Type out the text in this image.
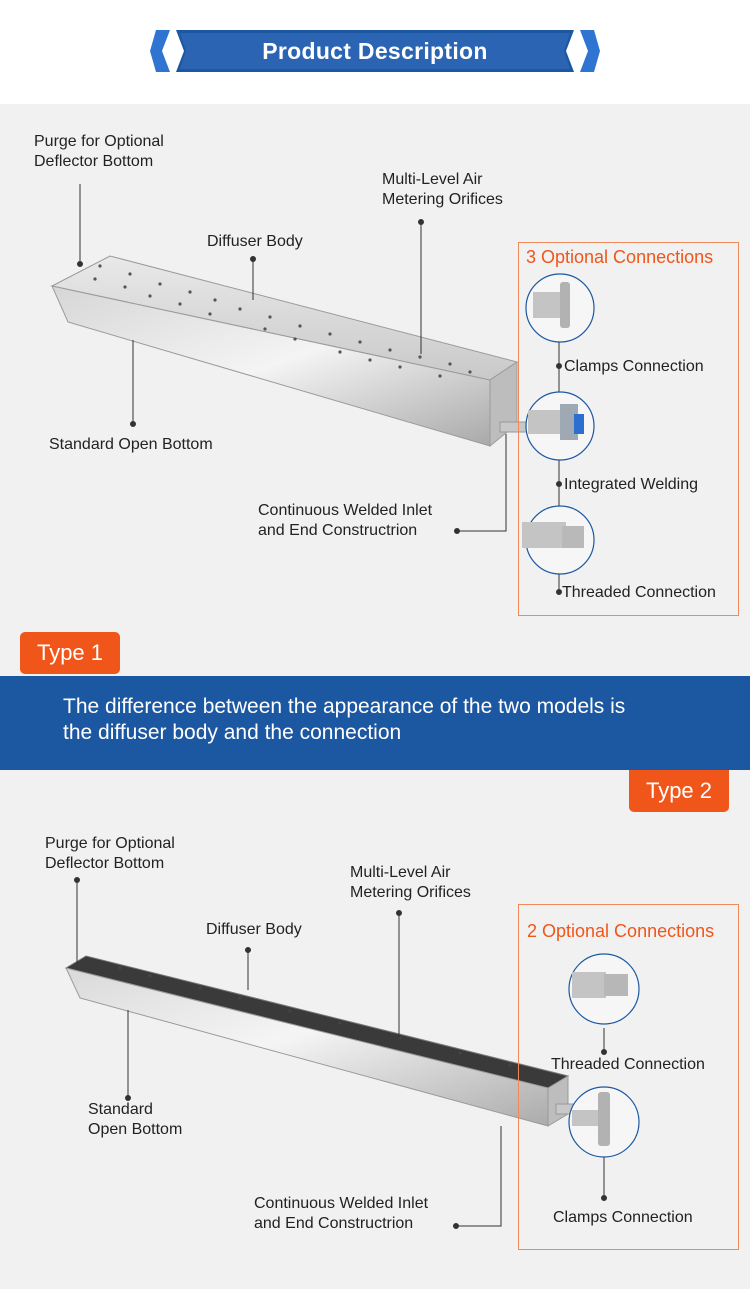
Product Description
Purge for Optional
Deflector Bottom
Multi-Level Air
Metering Orifices
Diffuser Body
Standard Open Bottom
Continuous Welded Inlet
and End Constructrion
3 Optional Connections
Clamps Connection
Integrated Welding
Threaded Connection
Type 1
The difference between the appearance of the two models is
the diffuser body and the connection
Type 2
Purge for Optional
Deflector Bottom
Multi-Level Air
Metering Orifices
Diffuser Body
Standard
Open Bottom
Continuous Welded Inlet
and End Constructrion
2 Optional Connections
Threaded Connection
Clamps Connection
